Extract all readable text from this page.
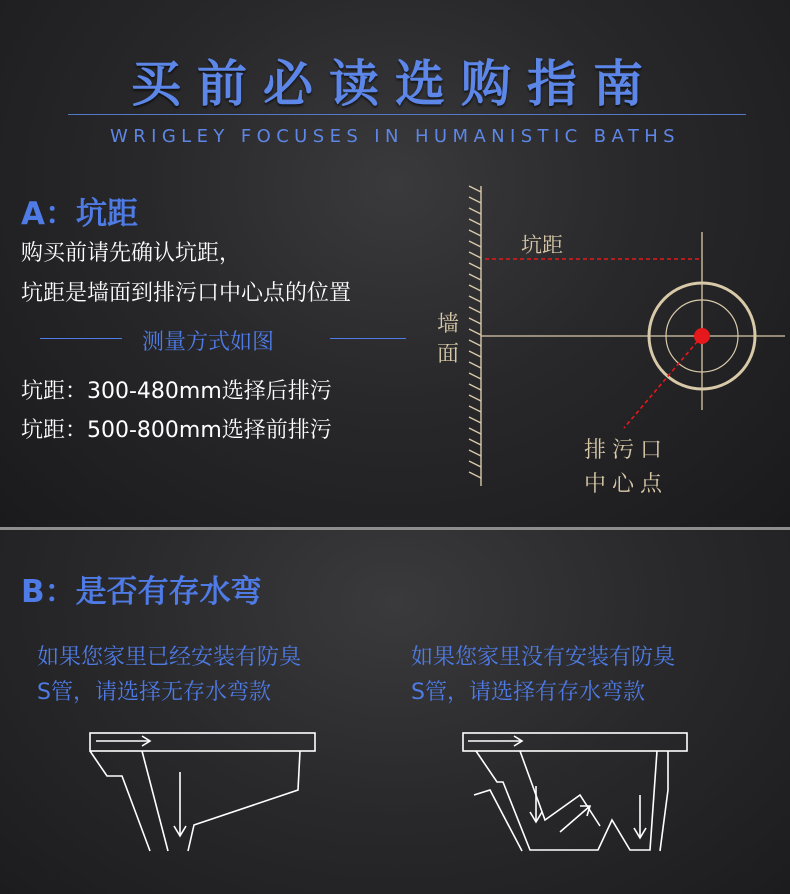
买前必读选购指南
WRIGLEY FOCUSES IN HUMANISTIC BATHS
A：坑距
购买前请先确认坑距，
坑距是墙面到排污口中心点的位置
测量方式如图
坑距：300-480mm选择后排污
坑距：500-800mm选择前排污
墙
面
坑距
排污口
中心点
B：是否有存水弯
如果您家里已经安装有防臭
S管，请选择无存水弯款
如果您家里没有安装有防臭
S管，请选择有存水弯款
